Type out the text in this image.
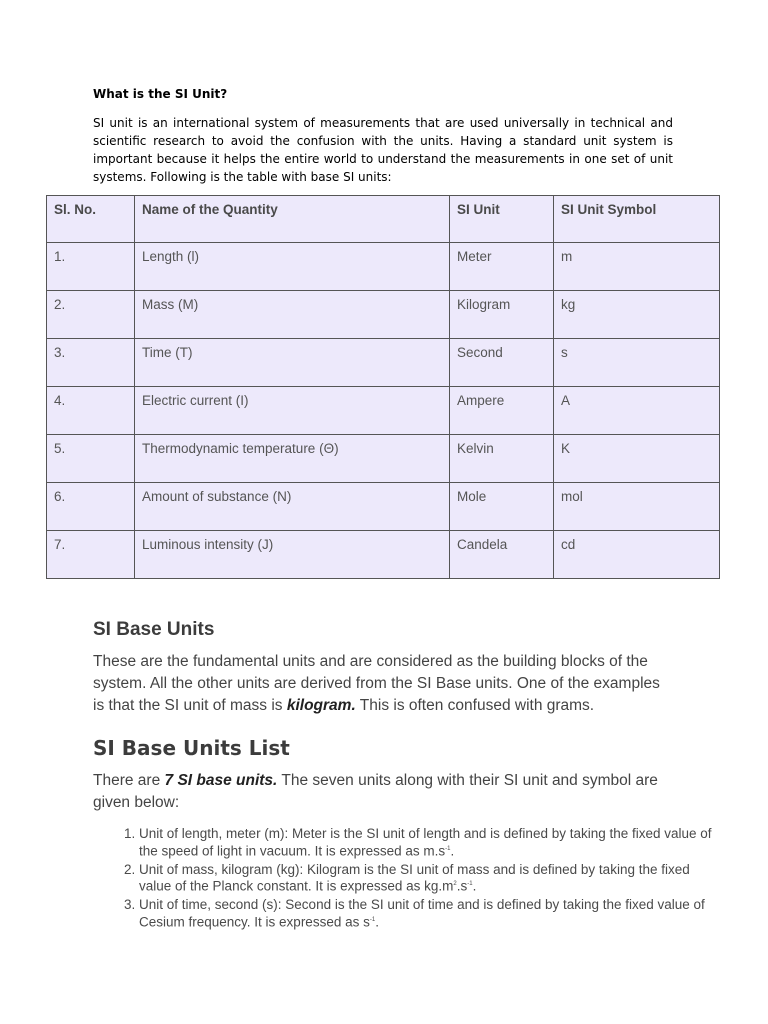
What is the SI Unit?

SI unit is an international system of measurements that are used universally in technical and scientific research to avoid the confusion with the units. Having a standard unit system is important because it helps the entire world to understand the measurements in one set of unit systems. Following is the table with base SI units:

Sl. No.	Name of the Quantity	SI Unit	SI Unit Symbol
1.	Length (l)	Meter	m
2.	Mass (M)	Kilogram	kg
3.	Time (T)	Second	s
4.	Electric current (I)	Ampere	A
5.	Thermodynamic temperature (Θ)	Kelvin	K
6.	Amount of substance (N)	Mole	mol
7.	Luminous intensity (J)	Candela	cd
SI Base Units

These are the fundamental units and are considered as the building blocks of the system. All the other units are derived from the SI Base units. One of the examples is that the SI unit of mass is kilogram. This is often confused with grams.

SI Base Units List

There are 7 SI base units. The seven units along with their SI unit and symbol are given below:

1. Unit of length, meter (m): Meter is the SI unit of length and is defined by taking the fixed value of the speed of light in vacuum. It is expressed as $m.s^{-1}$.
2. Unit of mass, kilogram (kg): Kilogram is the SI unit of mass and is defined by taking the fixed value of the Planck constant. It is expressed as $kg.m^2.s^{-1}$.
3. Unit of time, second (s): Second is the SI unit of time and is defined by taking the fixed value of Cesium frequency. It is expressed as $s^{-1}$.
